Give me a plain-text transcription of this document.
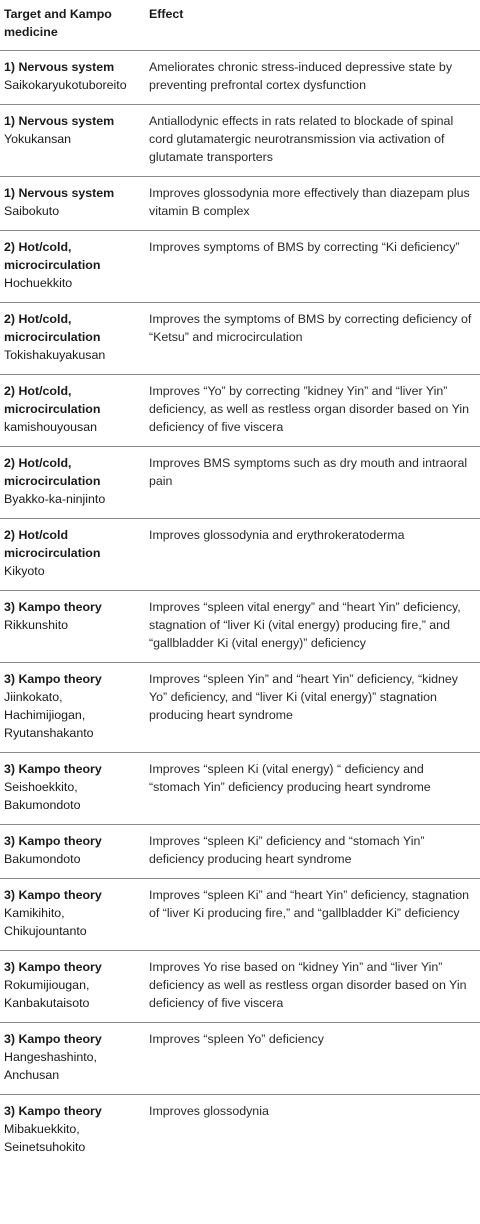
Target and Kampo medicine	Effect

1) Nervous system
Saikokaryukotuboreito	Ameliorates chronic stress-induced depressive state by preventing prefrontal cortex dysfunction

1) Nervous system
Yokukansan	Antiallodynic effects in rats related to blockade of spinal cord glutamatergic neurotransmission via activation of glutamate transporters

1) Nervous system
Saibokuto	Improves glossodynia more effectively than diazepam plus vitamin B complex

2) Hot/cold, microcirculation
Hochuekkito	Improves symptoms of BMS by correcting “Ki deficiency”

2) Hot/cold, microcirculation
Tokishakuyakusan	Improves the symptoms of BMS by correcting deficiency of “Ketsu” and microcirculation

2) Hot/cold, microcirculation
kamishouyousan	Improves “Yo” by correcting ”kidney Yin” and “liver Yin” deficiency, as well as restless organ disorder based on Yin deficiency of five viscera

2) Hot/cold, microcirculation
Byakko-ka-ninjinto	Improves BMS symptoms such as dry mouth and intraoral pain

2) Hot/cold microcirculation
Kikyoto	Improves glossodynia and erythrokeratoderma

3) Kampo theory
Rikkunshito	Improves “spleen vital energy” and “heart Yin” deficiency, stagnation of “liver Ki (vital energy) producing fire,” and “gallbladder Ki (vital energy)” deficiency

3) Kampo theory
Jiinkokato, Hachimijiogan, Ryutanshakanto	Improves “spleen Yin” and “heart Yin” deficiency, “kidney Yo” deficiency, and “liver Ki (vital energy)” stagnation producing heart syndrome

3) Kampo theory
Seishoekkito, Bakumondoto	Improves “spleen Ki (vital energy) “ deficiency and “stomach Yin” deficiency producing heart syndrome

3) Kampo theory
Bakumondoto	Improves “spleen Ki” deficiency and “stomach Yin” deficiency producing heart syndrome

3) Kampo theory
Kamikihito, Chikujountanto	Improves “spleen Ki” and “heart Yin” deficiency, stagnation of “liver Ki producing fire,” and “gallbladder Ki” deficiency

3) Kampo theory
Rokumijiougan, Kanbakutaisoto	Improves Yo rise based on “kidney Yin” and “liver Yin” deficiency as well as restless organ disorder based on Yin deficiency of five viscera

3) Kampo theory
Hangeshashinto, Anchusan	Improves “spleen Yo” deficiency

3) Kampo theory
Mibakuekkito, Seinetsuhokito	Improves glossodynia
